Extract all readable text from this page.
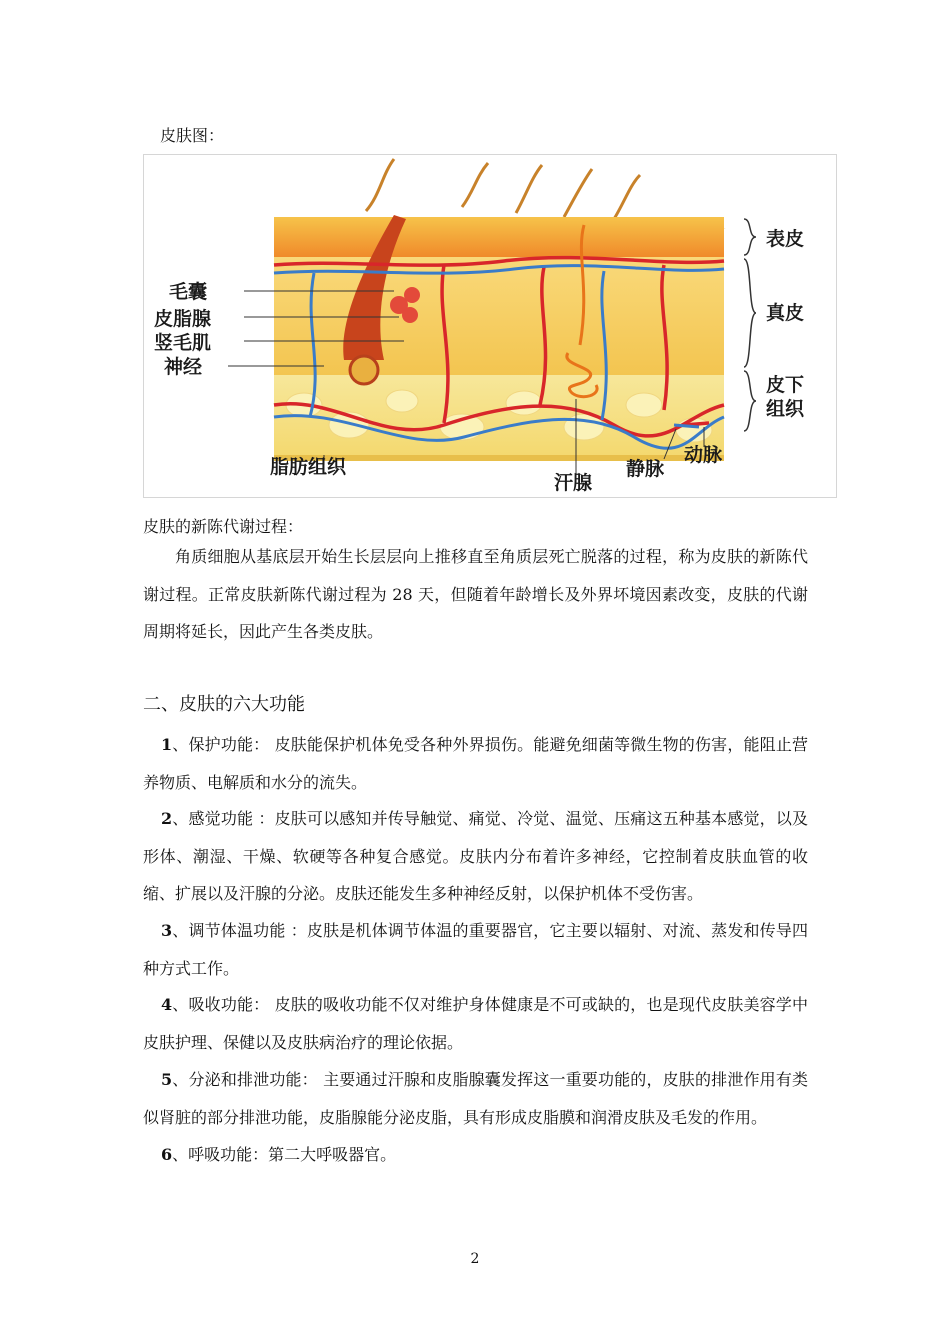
皮肤图：
毛囊
皮脂腺
竖毛肌
神经
表皮
真皮
皮下
组织
脂肪组织
汗腺
静脉
动脉
皮肤的新陈代谢过程：

角质细胞从基底层开始生长层层向上推移直至角质层死亡脱落的过程，称为皮肤的新陈代谢过程。正常皮肤新陈代谢过程为 28 天，但随着年龄增长及外界坏境因素改变，皮肤的代谢周期将延长，因此产生各类皮肤。

二、皮肤的六大功能

1、保护功能： 皮肤能保护机体免受各种外界损伤。能避免细菌等微生物的伤害，能阻止营养物质、电解质和水分的流失。

2、感觉功能 ：皮肤可以感知并传导触觉、痛觉、冷觉、温觉、压痛这五种基本感觉，以及形体、潮湿、干燥、软硬等各种复合感觉。皮肤内分布着许多神经，它控制着皮肤血管的收缩、扩展以及汗腺的分泌。皮肤还能发生多种神经反射，以保护机体不受伤害。

3、调节体温功能 ：皮肤是机体调节体温的重要器官，它主要以辐射、对流、蒸发和传导四种方式工作。

4、吸收功能： 皮肤的吸收功能不仅对维护身体健康是不可或缺的，也是现代皮肤美容学中皮肤护理、保健以及皮肤病治疗的理论依据。

5、分泌和排泄功能： 主要通过汗腺和皮脂腺囊发挥这一重要功能的，皮肤的排泄作用有类似肾脏的部分排泄功能，皮脂腺能分泌皮脂，具有形成皮脂膜和润滑皮肤及毛发的作用。

6、呼吸功能：第二大呼吸器官。

2
